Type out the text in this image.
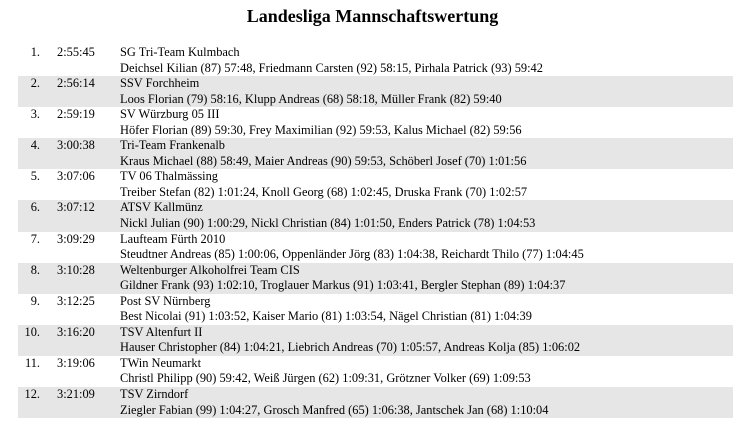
Landesliga Mannschaftswertung
1. 2:55:45 SG Tri-Team Kulmbach
Deichsel Kilian (87) 57:48, Friedmann Carsten (92) 58:15, Pirhala Patrick (93) 59:42
2. 2:56:14 SSV Forchheim
Loos Florian (79) 58:16, Klupp Andreas (68) 58:18, Müller Frank (82) 59:40
3. 2:59:19 SV Würzburg 05 III
Höfer Florian (89) 59:30, Frey Maximilian (92) 59:53, Kalus Michael (82) 59:56
4. 3:00:38 Tri-Team Frankenalb
Kraus Michael (88) 58:49, Maier Andreas (90) 59:53, Schöberl Josef (70) 1:01:56
5. 3:07:06 TV 06 Thalmässing
Treiber Stefan (82) 1:01:24, Knoll Georg (68) 1:02:45, Druska Frank (70) 1:02:57
6. 3:07:12 ATSV Kallmünz
Nickl Julian (90) 1:00:29, Nickl Christian (84) 1:01:50, Enders Patrick (78) 1:04:53
7. 3:09:29 Laufteam Fürth 2010
Steudtner Andreas (85) 1:00:06, Oppenländer Jörg (83) 1:04:38, Reichardt Thilo (77) 1:04:45
8. 3:10:28 Weltenburger Alkoholfrei Team CIS
Gildner Frank (93) 1:02:10, Troglauer Markus (91) 1:03:41, Bergler Stephan (89) 1:04:37
9. 3:12:25 Post SV Nürnberg
Best Nicolai (91) 1:03:52, Kaiser Mario (81) 1:03:54, Nägel Christian (81) 1:04:39
10. 3:16:20 TSV Altenfurt II
Hauser Christopher (84) 1:04:21, Liebrich Andreas (70) 1:05:57, Andreas Kolja (85) 1:06:02
11. 3:19:06 TWin Neumarkt
Christl Philipp (90) 59:42, Weiß Jürgen (62) 1:09:31, Grötzner Volker (69) 1:09:53
12. 3:21:09 TSV Zirndorf
Ziegler Fabian (99) 1:04:27, Grosch Manfred (65) 1:06:38, Jantschek Jan (68) 1:10:04
